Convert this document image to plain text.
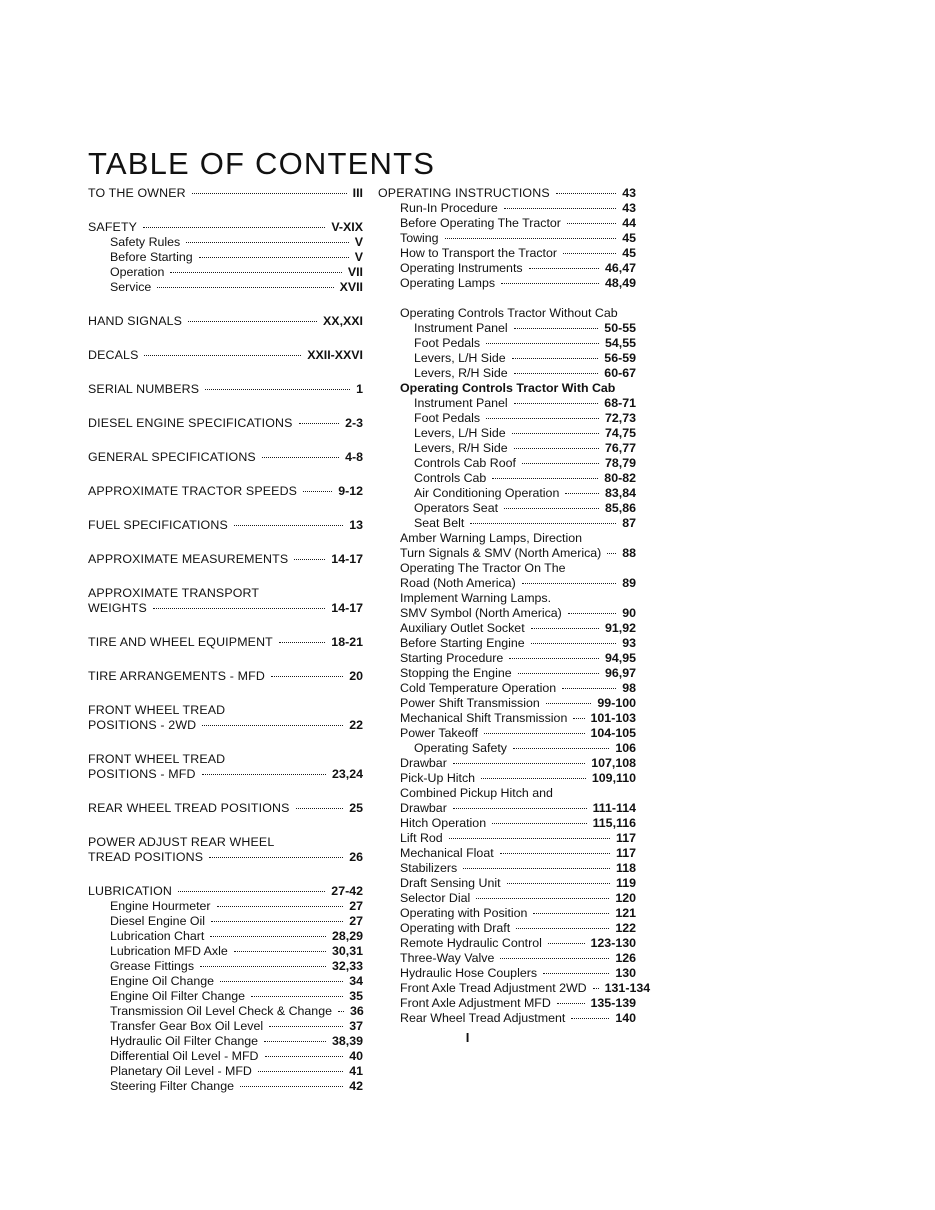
TABLE OF CONTENTS
TO THE OWNER	III
SAFETY	V-XIX
Safety Rules	V
Before Starting	V
Operation	VII
Service	XVII
HAND SIGNALS	XX,XXI
DECALS	XXII-XXVI
SERIAL NUMBERS	1
DIESEL ENGINE SPECIFICATIONS	2-3
GENERAL SPECIFICATIONS	4-8
APPROXIMATE TRACTOR SPEEDS	9-12
FUEL SPECIFICATIONS	13
APPROXIMATE MEASUREMENTS	14-17
APPROXIMATE TRANSPORT
WEIGHTS	14-17
TIRE AND WHEEL EQUIPMENT	18-21
TIRE ARRANGEMENTS - MFD	20
FRONT WHEEL TREAD
POSITIONS - 2WD	22
FRONT WHEEL TREAD
POSITIONS - MFD	23,24
REAR WHEEL TREAD POSITIONS	25
POWER ADJUST REAR WHEEL
TREAD POSITIONS	26
LUBRICATION	27-42
Engine Hourmeter	27
Diesel Engine Oil	27
Lubrication Chart	28,29
Lubrication MFD Axle	30,31
Grease Fittings	32,33
Engine Oil Change	34
Engine Oil Filter Change	35
Transmission Oil Level Check & Change	36
Transfer Gear Box Oil Level	37
Hydraulic Oil Filter Change	38,39
Differential Oil Level - MFD	40
Planetary Oil Level - MFD	41
Steering Filter Change	42
OPERATING INSTRUCTIONS	43
Run-In Procedure	43
Before Operating The Tractor	44
Towing	45
How to Transport the Tractor	45
Operating Instruments	46,47
Operating Lamps	48,49
Operating Controls Tractor Without Cab
Instrument Panel	50-55
Foot Pedals	54,55
Levers, L/H Side	56-59
Levers, R/H Side	60-67
Operating Controls Tractor With Cab
Instrument Panel	68-71
Foot Pedals	72,73
Levers, L/H Side	74,75
Levers, R/H Side	76,77
Controls Cab Roof	78,79
Controls Cab	80-82
Air Conditioning Operation	83,84
Operators Seat	85,86
Seat Belt	87
Amber Warning Lamps, Direction
Turn Signals & SMV (North America)	88
Operating The Tractor On The
Road (Noth America)	89
Implement Warning Lamps.
SMV Symbol (North America)	90
Auxiliary Outlet Socket	91,92
Before Starting Engine	93
Starting Procedure	94,95
Stopping the Engine	96,97
Cold Temperature Operation	98
Power Shift Transmission	99-100
Mechanical Shift Transmission	101-103
Power Takeoff	104-105
Operating Safety	106
Drawbar	107,108
Pick-Up Hitch	109,110
Combined Pickup Hitch and
Drawbar	111-114
Hitch Operation	115,116
Lift Rod	117
Mechanical Float	117
Stabilizers	118
Draft Sensing Unit	119
Selector Dial	120
Operating with Position	121
Operating with Draft	122
Remote Hydraulic Control	123-130
Three-Way Valve	126
Hydraulic Hose Couplers	130
Front Axle Tread Adjustment 2WD	131-134
Front Axle Adjustment MFD	135-139
Rear Wheel Tread Adjustment	140
I
